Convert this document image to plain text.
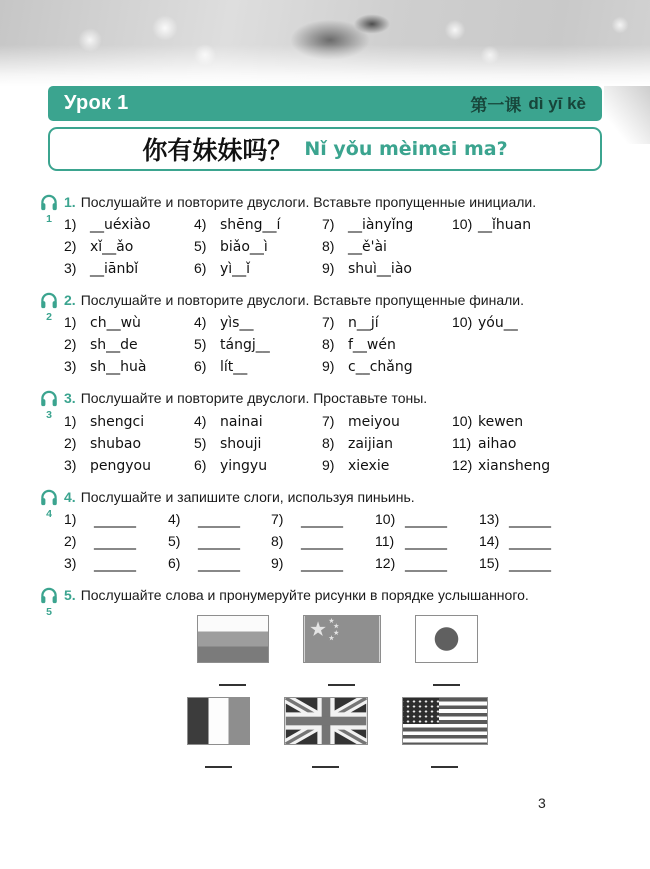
Урок 1	第一课 dì yī kè
你有妹妹吗？ Nǐ yǒu mèimei ma?
1
1. Послушайте и повторите двуслоги. Вставьте пропущенные инициали.
1) __uéxiào
2) xǐ__ǎo
3) __iānbǐ
4) shēng__í
5) biǎo__ì
6) yì__ǐ
7) __iànyǐng
8) __ě'ài
9) shuì__iào
10) __ǐhuan
2
2. Послушайте и повторите двуслоги. Вставьте пропущенные финали.
1) ch__wù
2) sh__de
3) sh__huà
4) yìs__
5) tángj__
6) lít__
7) n__jí
8) f__wén
9) c__chǎng
10) yóu__
3
3. Послушайте и повторите двуслоги. Проставьте тоны.
1) shengci
2) shubao
3) pengyou
4) nainai
5) shouji
6) yingyu
7) meiyou
8) zaijian
9) xiexie
10) kewen
11) aihao
12) xiansheng
4
4. Послушайте и запишите слоги, используя пиньинь.
1) ______
2) ______
3) ______
4) ______
5) ______
6) ______
7) ______
8) ______
9) ______
10) ______
11) ______
12) ______
13) ______
14) ______
15) ______
5
5. Послушайте слова и пронумеруйте рисунки в порядке услышанного.
3
